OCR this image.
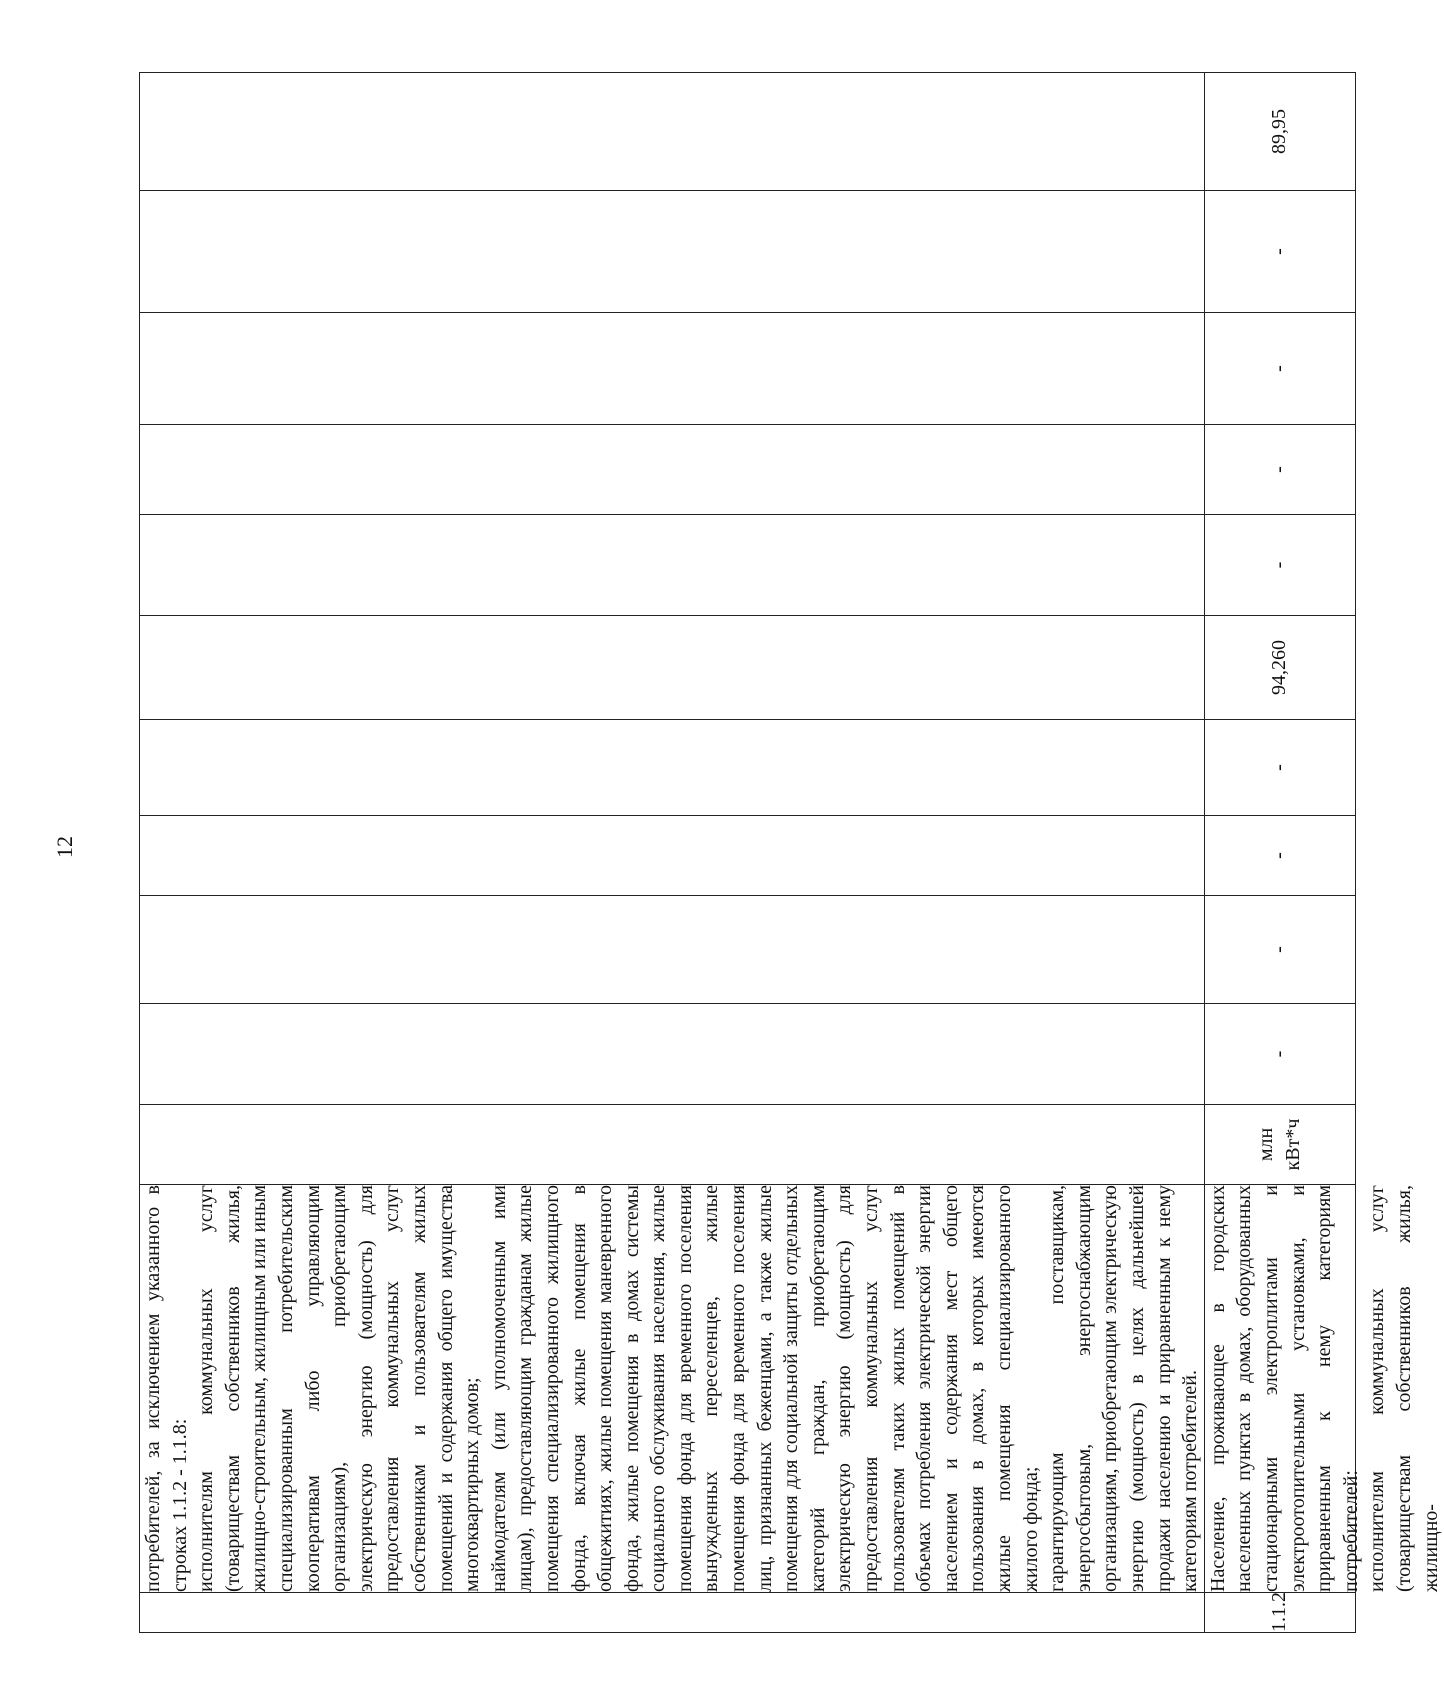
12

	потребителей, за исключением указанного в строках 1.1.2 - 1.1.8: исполнителям коммунальных услуг (товариществам собственников жилья, жилищно-строительным, жилищным или иным специализированным потребительским кооперативам либо управляющим организациям), приобретающим электрическую энергию (мощность) для предоставления коммунальных услуг собственникам и пользователям жилых помещений и содержания общего имущества многоквартирных домов; наймодателям (или уполномоченным ими лицам), предоставляющим гражданам жилые помещения специализированного жилищного фонда, включая жилые помещения в общежитиях, жилые помещения маневренного фонда, жилые помещения в домах системы социального обслуживания населения, жилые помещения фонда для временного поселения вынужденных переселенцев, жилые помещения фонда для временного поселения лиц, признанных беженцами, а также жилые помещения для социальной защиты отдельных категорий граждан, приобретающим электрическую энергию (мощность) для предоставления коммунальных услуг пользователям таких жилых помещений в объемах потребления электрической энергии населением и содержания мест общего пользования в домах, в которых имеются жилые помещения специализированного жилого фонда; гарантирующим поставщикам, энергосбытовым, энергоснабжающим организациям, приобретающим электрическую энергию (мощность) в целях дальнейшей продажи населению и приравненным к нему категориям потребителей.											

1.1.2	Население, проживающее в городских населенных пунктах в домах, оборудованных стационарными электроплитами и электроотопительными установками, и приравненным к нему категориям потребителей: исполнителям коммунальных услуг (товариществам собственников жилья, жилищно-	млн кВт*ч	-	-	-	-	94,260	-	-	-	-	89,95
